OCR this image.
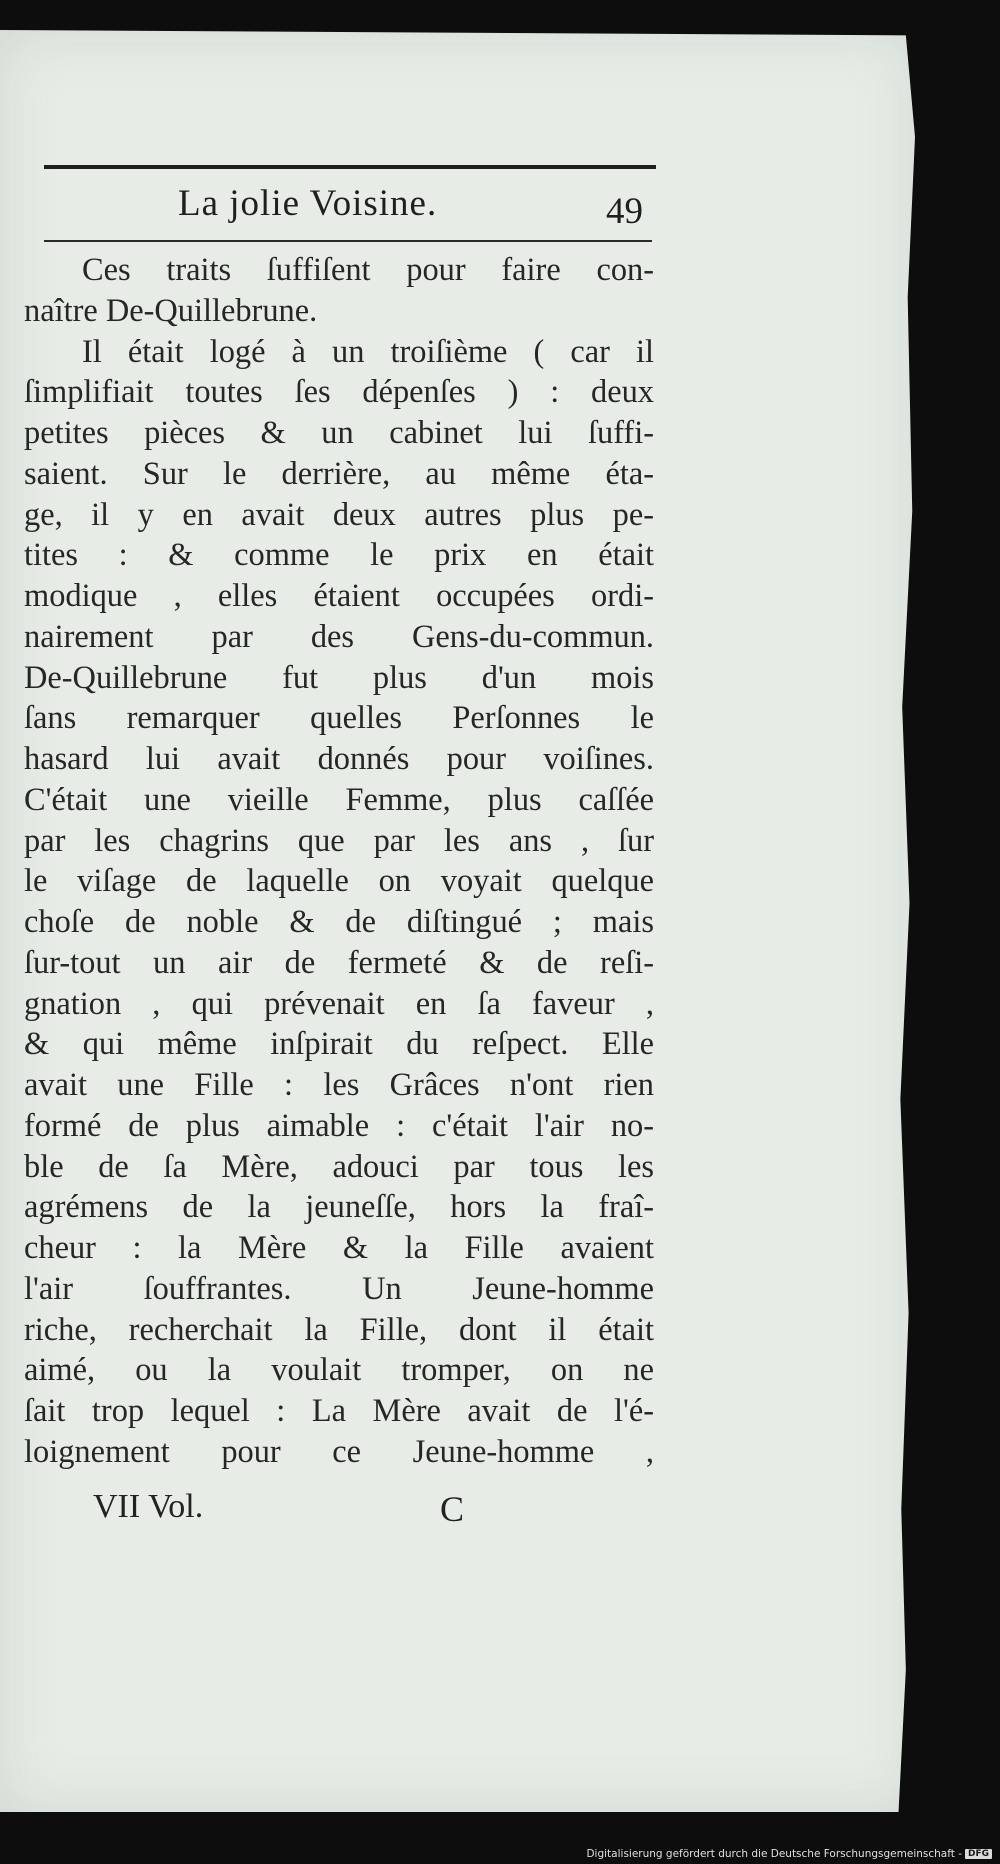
La jolie Voisine.	49
Ces traits ſuffiſent pour faire con-
naître De-Quillebrune.
Il était logé à un troiſième ( car il
ſimplifiait toutes ſes dépenſes ) : deux
petites pièces & un cabinet lui ſuffi-
saient. Sur le derrière, au même éta-
ge, il y en avait deux autres plus pe-
tites : & comme le prix en était
modique , elles étaient occupées ordi-
nairement par des Gens-du-commun.
De-Quillebrune fut plus d'un mois
ſans remarquer quelles Perſonnes le
hasard lui avait donnés pour voiſines.
C'était une vieille Femme, plus caſſée
par les chagrins que par les ans , ſur
le viſage de laquelle on voyait quelque
choſe de noble & de diſtingué ; mais
ſur-tout un air de fermeté & de reſi-
gnation , qui prévenait en ſa faveur ,
& qui même inſpirait du reſpect. Elle
avait une Fille : les Grâces n'ont rien
formé de plus aimable : c'était l'air no-
ble de ſa Mère, adouci par tous les
agrémens de la jeuneſſe, hors la fraî-
cheur : la Mère & la Fille avaient
l'air ſouffrantes. Un Jeune-homme
riche, recherchait la Fille, dont il était
aimé, ou la voulait tromper, on ne
ſait trop lequel : La Mère avait de l'é-
loignement pour ce Jeune-homme ,
VII Vol.	C
Digitalisierung gefördert durch die Deutsche Forschungsgemeinschaft - DFG
